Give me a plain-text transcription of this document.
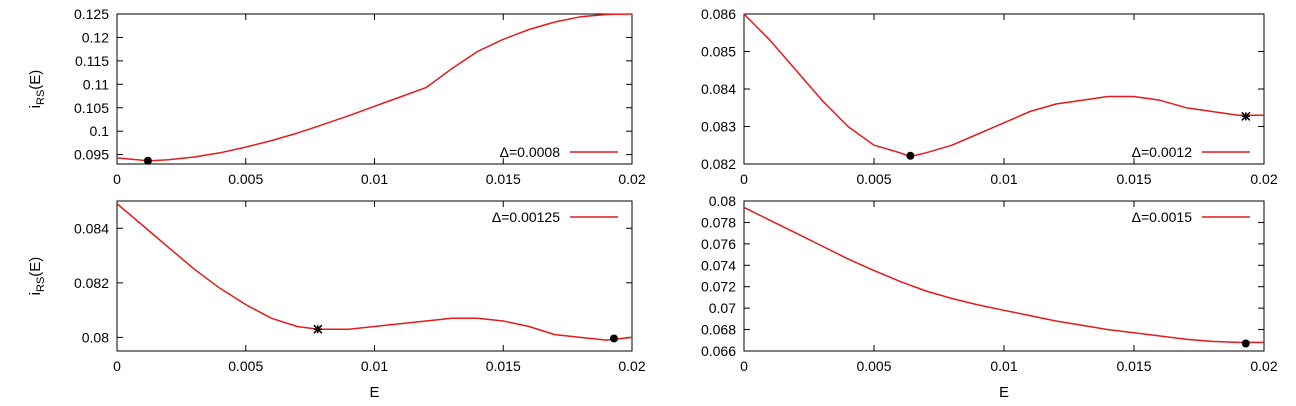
0	0.005	0.01	0.015	0.02
0.095
0.1
0.105
0.11
0.115
0.12
0.125
Δ=0.0008
$i_{RS}(E)$
0	0.005	0.01	0.015	0.02
0.082
0.083
0.084
0.085
0.086
Δ=0.0012
0	0.005	0.01	0.015	0.02
0.08
0.082
0.084
Δ=0.00125
$i_{RS}(E)$
E
0	0.005	0.01	0.015	0.02
0.066
0.068
0.07
0.072
0.074
0.076
0.078
0.08
Δ=0.0015
E
